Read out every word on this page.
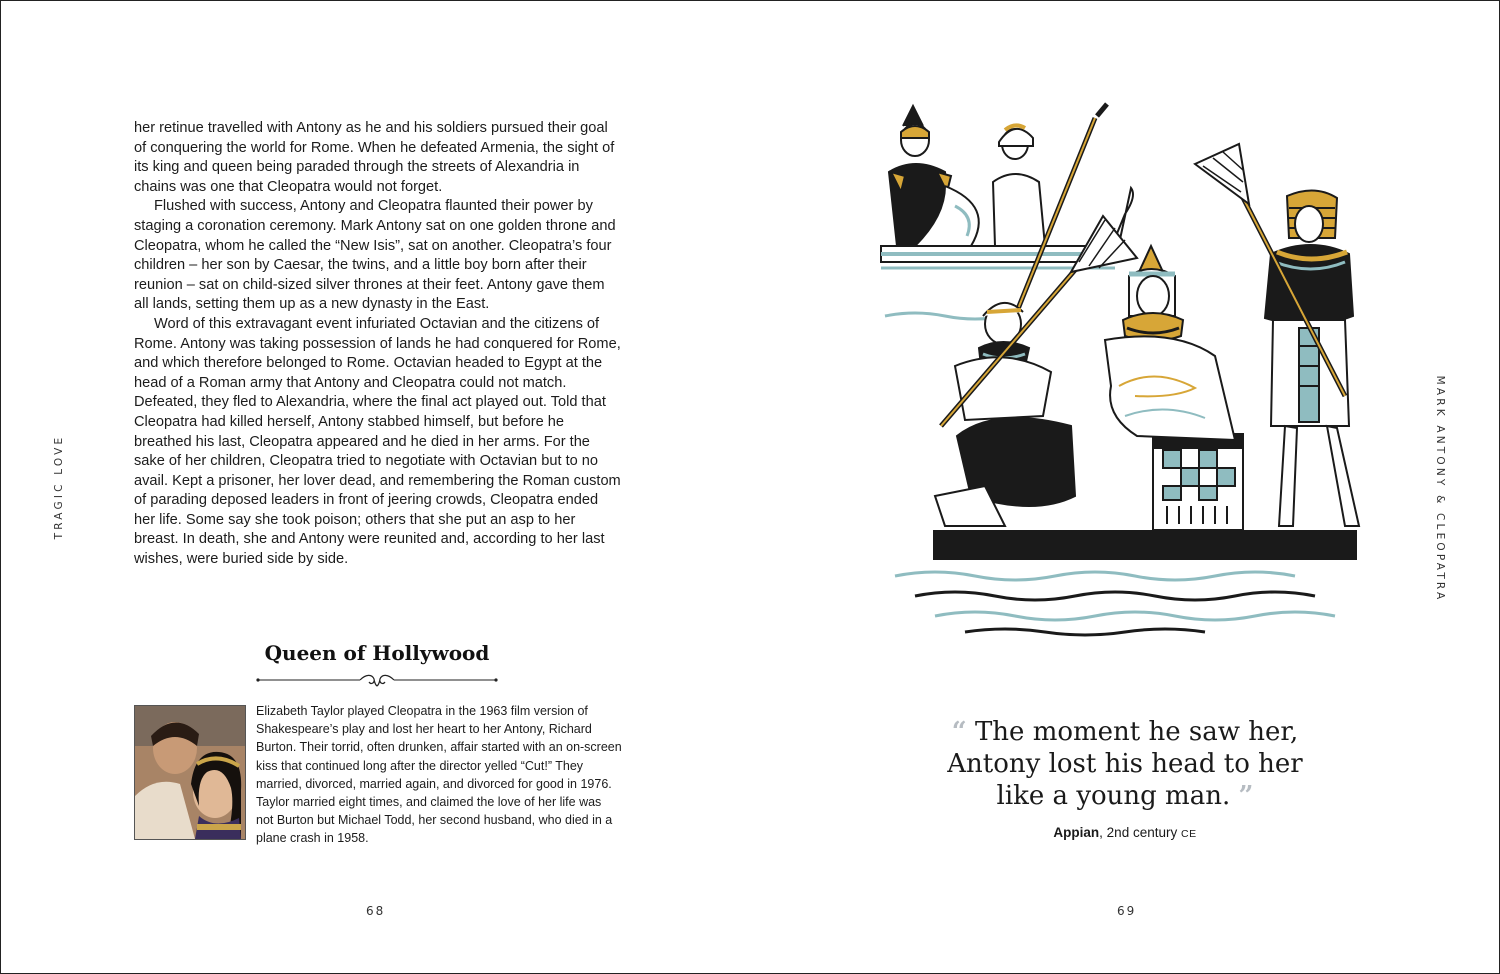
TRAGIC LOVE

her retinue travelled with Antony as he and his soldiers pursued their goal of conquering the world for Rome. When he defeated Armenia, the sight of its king and queen being paraded through the streets of Alexandria in chains was one that Cleopatra would not forget.

Flushed with success, Antony and Cleopatra flaunted their power by staging a coronation ceremony. Mark Antony sat on one golden throne and Cleopatra, whom he called the “New Isis”, sat on another. Cleopatra’s four children – her son by Caesar, the twins, and a little boy born after their reunion – sat on child-sized silver thrones at their feet. Antony gave them all lands, setting them up as a new dynasty in the East.

Word of this extravagant event infuriated Octavian and the citizens of Rome. Antony was taking possession of lands he had conquered for Rome, and which therefore belonged to Rome. Octavian headed to Egypt at the head of a Roman army that Antony and Cleopatra could not match. Defeated, they fled to Alexandria, where the final act played out. Told that Cleopatra had killed herself, Antony stabbed himself, but before he breathed his last, Cleopatra appeared and he died in her arms. For the sake of her children, Cleopatra tried to negotiate with Octavian but to no avail. Kept a prisoner, her lover dead, and remembering the Roman custom of parading deposed leaders in front of jeering crowds, Cleopatra ended her life. Some say she took poison; others that she put an asp to her breast. In death, she and Antony were reunited and, according to her last wishes, were buried side by side.

Queen of Hollywood
Elizabeth Taylor played Cleopatra in the 1963 film version of Shakespeare’s play and lost her heart to her Antony, Richard Burton. Their torrid, often drunken, affair started with an on-screen kiss that continued long after the director yelled “Cut!” They married, divorced, married again, and divorced for good in 1976. Taylor married eight times, and claimed the love of her life was not Burton but Michael Todd, her second husband, who died in a plane crash in 1958.
68
MARK ANTONY & CLEOPATRA
“ The moment he saw her,
Antony lost his head to her
like a young man. ”
Appian, 2nd century CE
69
